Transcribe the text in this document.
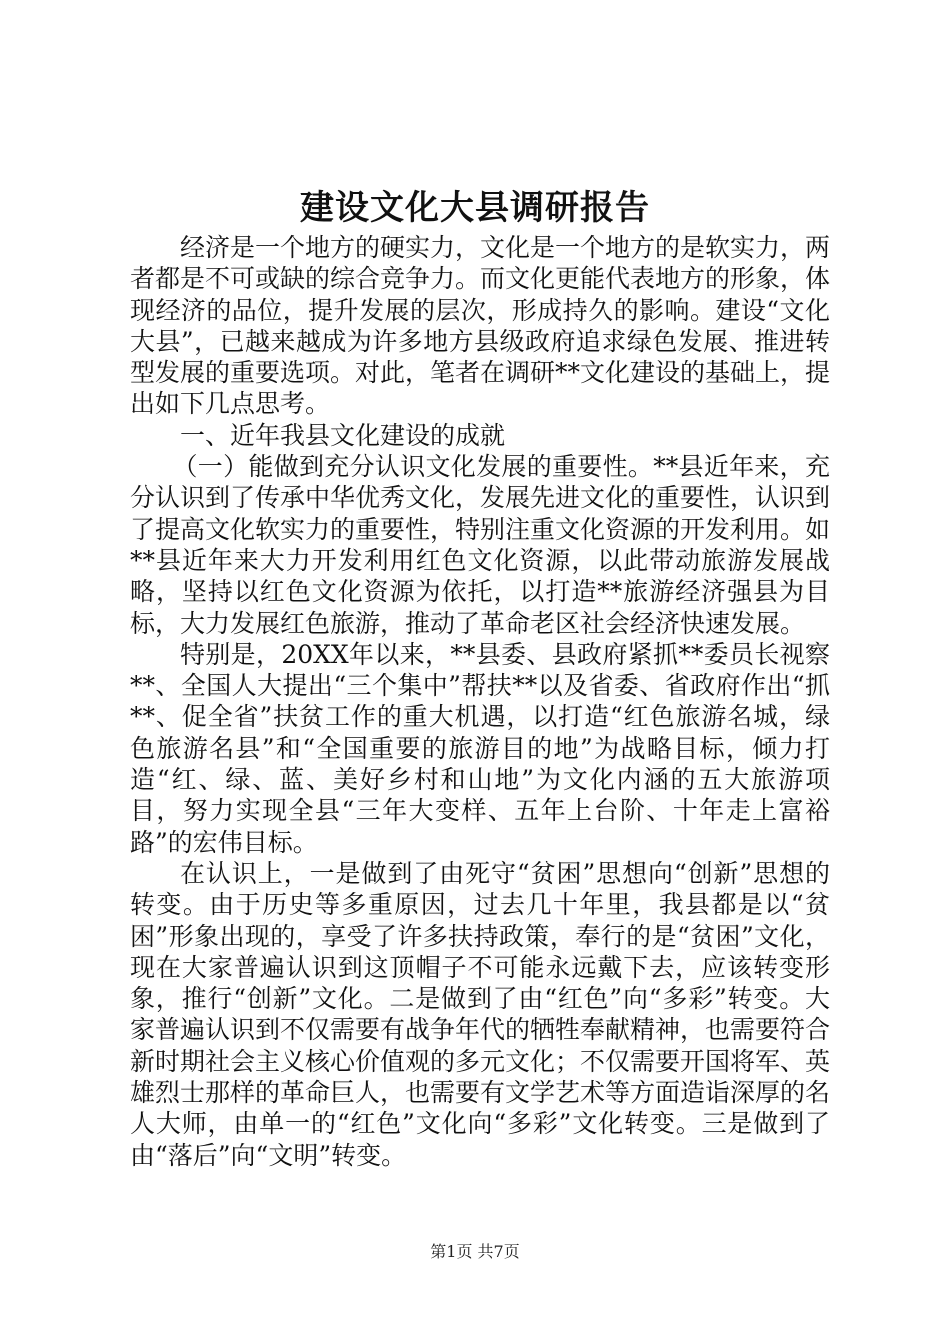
建设文化大县调研报告

经济是一个地方的硬实力，文化是一个地方的是软实力，两者都是不可或缺的综合竞争力。而文化更能代表地方的形象，体现经济的品位，提升发展的层次，形成持久的影响。建设“文化大县”，已越来越成为许多地方县级政府追求绿色发展、推进转型发展的重要选项。对此，笔者在调研**文化建设的基础上，提出如下几点思考。

一、近年我县文化建设的成就

（一）能做到充分认识文化发展的重要性。**县近年来，充分认识到了传承中华优秀文化，发展先进文化的重要性，认识到了提高文化软实力的重要性，特别注重文化资源的开发利用。如**县近年来大力开发利用红色文化资源，以此带动旅游发展战略，坚持以红色文化资源为依托，以打造**旅游经济强县为目标，大力发展红色旅游，推动了革命老区社会经济快速发展。

特别是，20XX年以来，**县委、县政府紧抓**委员长视察**、全国人大提出“三个集中”帮扶**以及省委、省政府作出“抓**、促全省”扶贫工作的重大机遇，以打造“红色旅游名城，绿色旅游名县”和“全国重要的旅游目的地”为战略目标，倾力打造“红、绿、蓝、美好乡村和山地”为文化内涵的五大旅游项目，努力实现全县“三年大变样、五年上台阶、十年走上富裕路”的宏伟目标。

在认识上，一是做到了由死守“贫困”思想向“创新”思想的转变。由于历史等多重原因，过去几十年里，我县都是以“贫困”形象出现的，享受了许多扶持政策，奉行的是“贫困”文化，现在大家普遍认识到这顶帽子不可能永远戴下去，应该转变形象，推行“创新”文化。二是做到了由“红色”向“多彩”转变。大家普遍认识到不仅需要有战争年代的牺牲奉献精神，也需要符合新时期社会主义核心价值观的多元文化；不仅需要开国将军、英雄烈士那样的革命巨人，也需要有文学艺术等方面造诣深厚的名人大师，由单一的“红色”文化向“多彩”文化转变。三是做到了由“落后”向“文明”转变。

第1页 共7页
